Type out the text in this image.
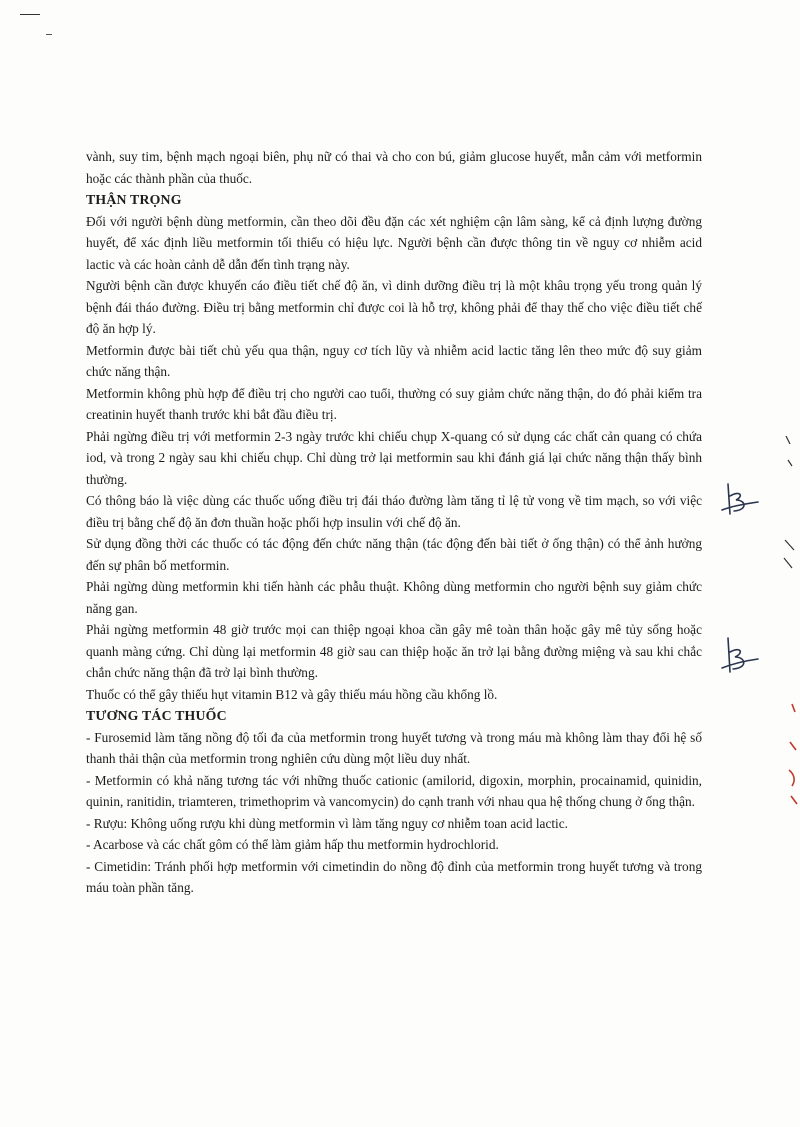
vành, suy tim, bệnh mạch ngoại biên, phụ nữ có thai và cho con bú, giảm glucose huyết, mẫn cảm với metformin hoặc các thành phần của thuốc.

THẬN TRỌNG

Đối với người bệnh dùng metformin, cần theo dõi đều đặn các xét nghiệm cận lâm sàng, kể cả định lượng đường huyết, để xác định liều metformin tối thiểu có hiệu lực. Người bệnh cần được thông tin về nguy cơ nhiễm acid lactic và các hoàn cảnh dễ dẫn đến tình trạng này.

Người bệnh cần được khuyến cáo điều tiết chế độ ăn, vì dinh dưỡng điều trị là một khâu trọng yếu trong quản lý bệnh đái tháo đường. Điều trị bằng metformin chỉ được coi là hỗ trợ, không phải để thay thế cho việc điều tiết chế độ ăn hợp lý.

Metformin được bài tiết chủ yếu qua thận, nguy cơ tích lũy và nhiễm acid lactic tăng lên theo mức độ suy giảm chức năng thận.

Metformin không phù hợp để điều trị cho người cao tuổi, thường có suy giảm chức năng thận, do đó phải kiểm tra creatinin huyết thanh trước khi bắt đầu điều trị.

Phải ngừng điều trị với metformin 2-3 ngày trước khi chiếu chụp X-quang có sử dụng các chất cản quang có chứa iod, và trong 2 ngày sau khi chiếu chụp. Chỉ dùng trở lại metformin sau khi đánh giá lại chức năng thận thấy bình thường.

Có thông báo là việc dùng các thuốc uống điều trị đái tháo đường làm tăng tỉ lệ tử vong về tim mạch, so với việc điều trị bằng chế độ ăn đơn thuần hoặc phối hợp insulin với chế độ ăn.

Sử dụng đồng thời các thuốc có tác động đến chức năng thận (tác động đến bài tiết ở ống thận) có thể ảnh hưởng đến sự phân bố metformin.

Phải ngừng dùng metformin khi tiến hành các phẫu thuật. Không dùng metformin cho người bệnh suy giảm chức năng gan.

Phải ngừng metformin 48 giờ trước mọi can thiệp ngoại khoa cần gây mê toàn thân hoặc gây mê tủy sống hoặc quanh màng cứng. Chỉ dùng lại metformin 48 giờ sau can thiệp hoặc ăn trở lại bằng đường miệng và sau khi chắc chắn chức năng thận đã trở lại bình thường.

Thuốc có thể gây thiếu hụt vitamin B12 và gây thiếu máu hồng cầu khổng lồ.

TƯƠNG TÁC THUỐC

- Furosemid làm tăng nồng độ tối đa của metformin trong huyết tương và trong máu mà không làm thay đổi hệ số thanh thải thận của metformin trong nghiên cứu dùng một liều duy nhất.

- Metformin có khả năng tương tác với những thuốc cationic (amilorid, digoxin, morphin, procainamid, quinidin, quinin, ranitidin, triamteren, trimethoprim và vancomycin) do cạnh tranh với nhau qua hệ thống chung ở ống thận.

- Rượu: Không uống rượu khi dùng metformin vì làm tăng nguy cơ nhiễm toan acid lactic.

- Acarbose và các chất gôm có thể làm giảm hấp thu metformin hydrochlorid.

- Cimetidin: Tránh phối hợp metformin với cimetindin do nồng độ đỉnh của metformin trong huyết tương và trong máu toàn phần tăng.
